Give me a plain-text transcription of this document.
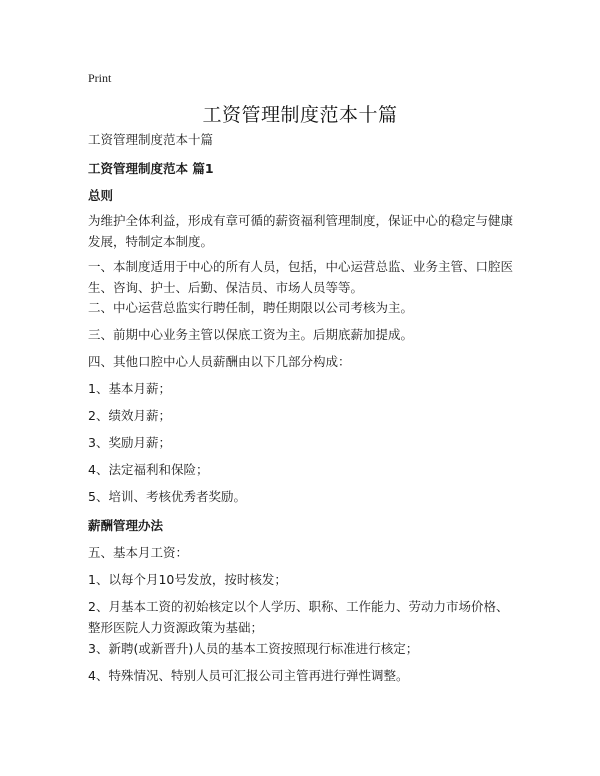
Print
工资管理制度范本十篇
工资管理制度范本十篇
工资管理制度范本 篇1
总则
为维护全体利益，形成有章可循的薪资福利管理制度，保证中心的稳定与健康发展，特制定本制度。
一、本制度适用于中心的所有人员，包括，中心运营总监、业务主管、口腔医生、咨询、护士、后勤、保洁员、市场人员等等。
二、中心运营总监实行聘任制，聘任期限以公司考核为主。
三、前期中心业务主管以保底工资为主。后期底薪加提成。
四、其他口腔中心人员薪酬由以下几部分构成：
1、基本月薪；
2、绩效月薪；
3、奖励月薪；
4、法定福利和保险；
5、培训、考核优秀者奖励。
薪酬管理办法
五、基本月工资：
1、以每个月10号发放，按时核发；
2、月基本工资的初始核定以个人学历、职称、工作能力、劳动力市场价格、整形医院人力资源政策为基础；
3、新聘(或新晋升)人员的基本工资按照现行标准进行核定；
4、特殊情况、特别人员可汇报公司主管再进行弹性调整。
